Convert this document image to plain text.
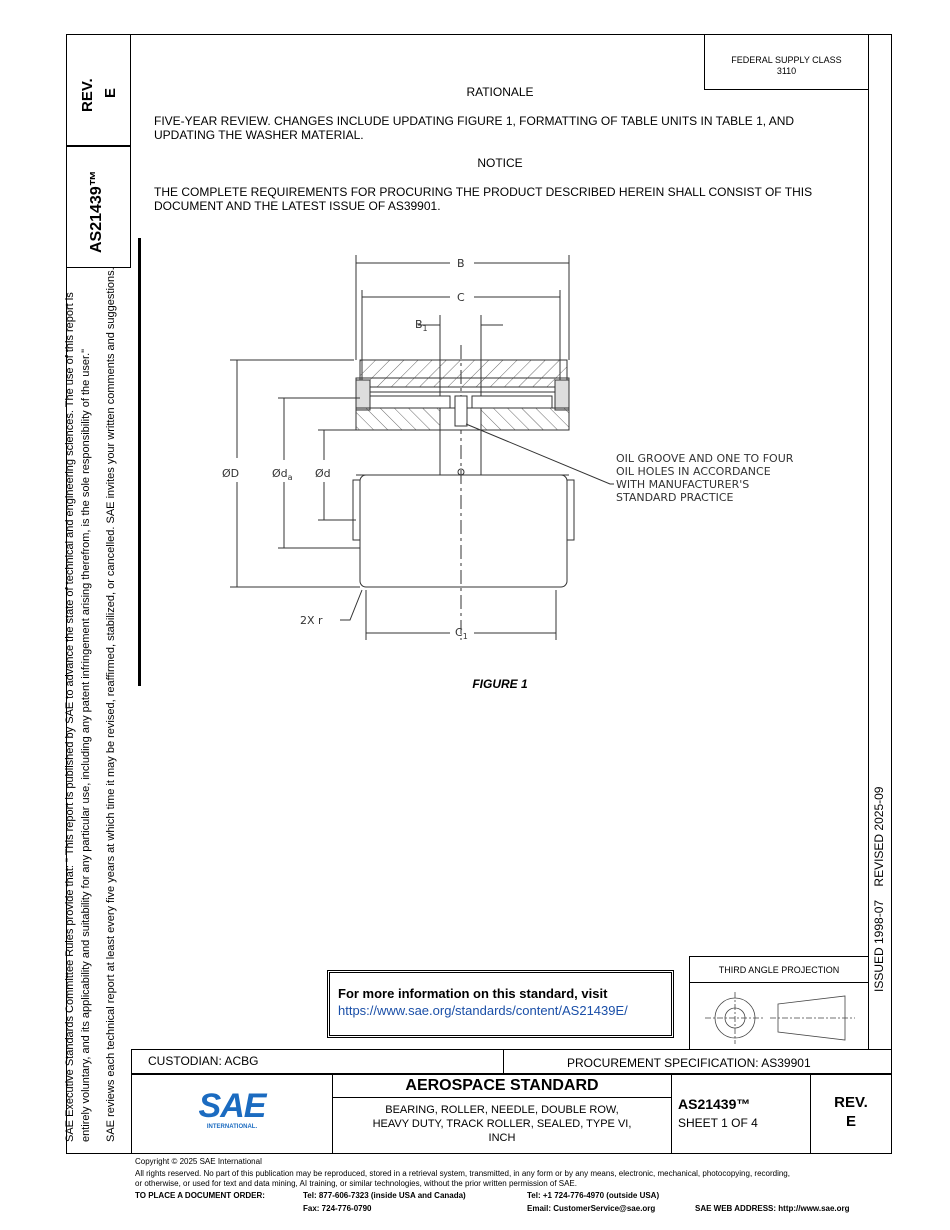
REV. E
AS21439™
FEDERAL SUPPLY CLASS
3110
RATIONALE
FIVE-YEAR REVIEW. CHANGES INCLUDE UPDATING FIGURE 1, FORMATTING OF TABLE UNITS IN TABLE 1, AND UPDATING THE WASHER MATERIAL.
NOTICE
THE COMPLETE REQUIREMENTS FOR PROCURING THE PRODUCT DESCRIBED HEREIN SHALL CONSIST OF THIS DOCUMENT AND THE LATEST ISSUE OF AS39901.
B
C
$B_1$
ØD	$Ød_a$ Ød
$C_1$
2X r
OIL GROOVE AND ONE TO FOUR
OIL HOLES IN ACCORDANCE
WITH MANUFACTURER'S
STANDARD PRACTICE
FIGURE 1
ISSUED 1998-07    REVISED 2025-09
For more information on this standard, visit
https://www.sae.org/standards/content/AS21439E/
THIRD ANGLE PROJECTION
CUSTODIAN: ACBG	PROCUREMENT SPECIFICATION: AS39901
SAE
INTERNATIONAL.
AEROSPACE STANDARD
BEARING, ROLLER, NEEDLE, DOUBLE ROW,
HEAVY DUTY, TRACK ROLLER, SEALED, TYPE VI,
INCH
AS21439™
SHEET 1 OF 4
REV.
E
SAE Executive Standards Committee Rules provide that: " This report is published by SAE to advance the state of technical and engineering sciences. The use of this report is entirely voluntary, and its applicability and suitability for any particular use, including any patent infringement arising therefrom, is the sole responsibility of the user." SAE reviews each technical report at least every five years at which time it may be revised, reaffirmed, stabilized, or cancelled. SAE invites your written comments and suggestions.
Copyright © 2025 SAE International
All rights reserved. No part of this publication may be reproduced, stored in a retrieval system, transmitted, in any form or by any means, electronic, mechanical, photocopying, recording,
or otherwise, or used for text and data mining, AI training, or similar technologies, without the prior written permission of SAE.
TO PLACE A DOCUMENT ORDER:	Tel: 877-606-7323 (inside USA and Canada)	Tel: +1 724-776-4970 (outside USA)
Fax: 724-776-0790	Email: CustomerService@sae.org	SAE WEB ADDRESS: http://www.sae.org
